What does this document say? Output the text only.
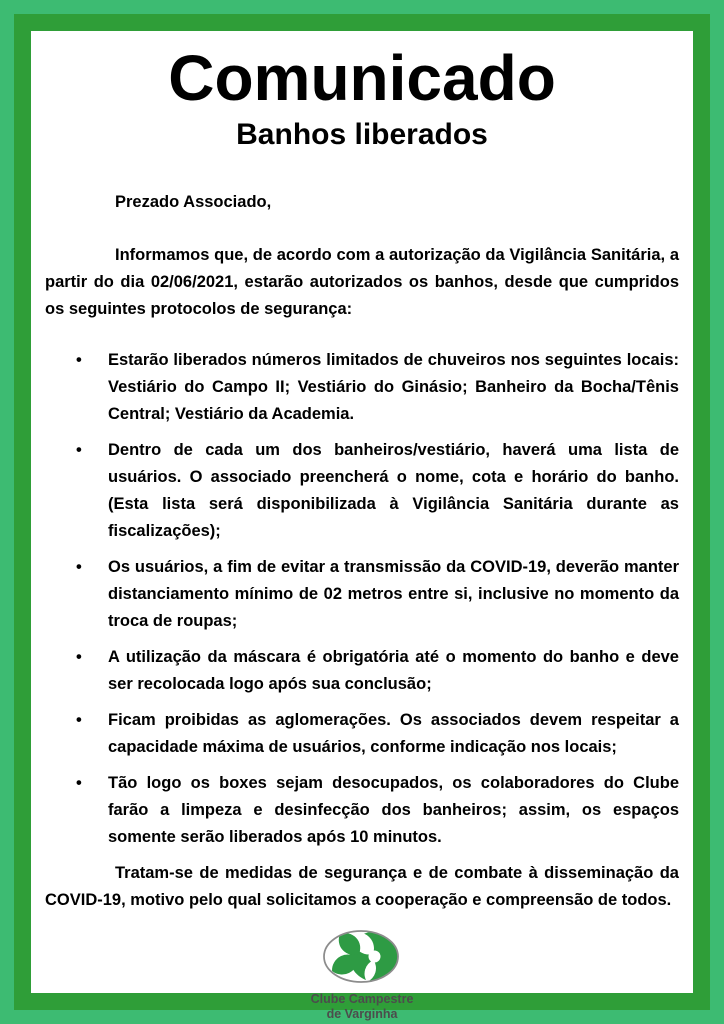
Comunicado
Banhos liberados

Prezado Associado,

Informamos que, de acordo com a autorização da Vigilância Sanitária, a partir do dia 02/06/2021, estarão autorizados os banhos, desde que cumpridos os seguintes protocolos de segurança:

• Estarão liberados números limitados de chuveiros nos seguintes locais: Vestiário do Campo II; Vestiário do Ginásio; Banheiro da Bocha/Tênis Central; Vestiário da Academia.
• Dentro de cada um dos banheiros/vestiário, haverá uma lista de usuários. O associado preencherá o nome, cota e horário do banho. (Esta lista será disponibilizada à Vigilância Sanitária durante as fiscalizações);
• Os usuários, a fim de evitar a transmissão da COVID-19, deverão manter distanciamento mínimo de 02 metros entre si, inclusive no momento da troca de roupas;
• A utilização da máscara é obrigatória até o momento do banho e deve ser recolocada logo após sua conclusão;
• Ficam proibidas as aglomerações. Os associados devem respeitar a capacidade máxima de usuários, conforme indicação nos locais;
• Tão logo os boxes sejam desocupados, os colaboradores do Clube farão a limpeza e desinfecção dos banheiros; assim, os espaços somente serão liberados após 10 minutos.

Tratam-se de medidas de segurança e de combate à disseminação da COVID-19, motivo pelo qual solicitamos a cooperação e compreensão de todos.

Clube Campestre
de Varginha
